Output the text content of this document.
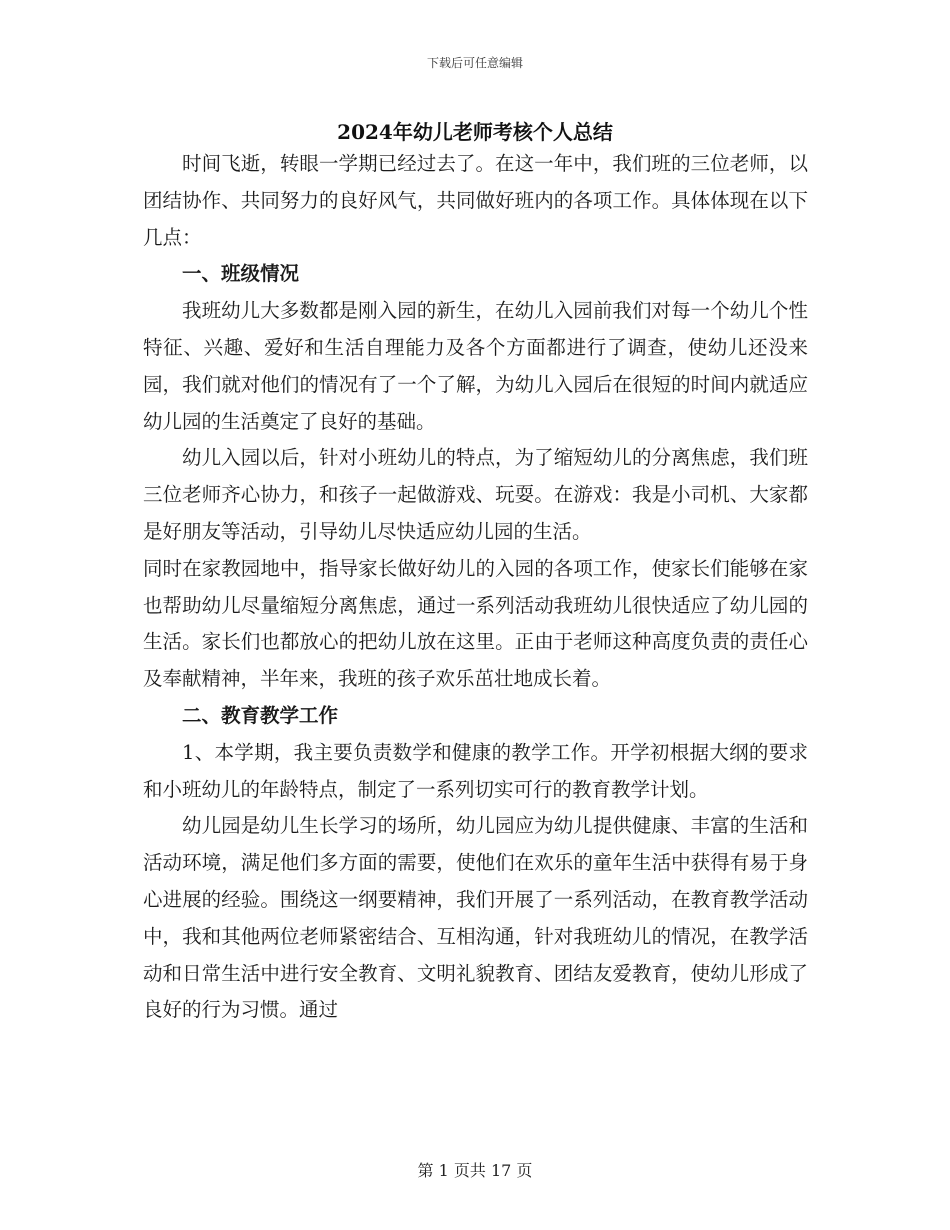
下载后可任意编辑
2024年幼儿老师考核个人总结

时间飞逝，转眼一学期已经过去了。在这一年中，我们班的三位老师，以团结协作、共同努力的良好风气，共同做好班内的各项工作。具体体现在以下几点：

一、班级情况

我班幼儿大多数都是刚入园的新生，在幼儿入园前我们对每一个幼儿个性特征、兴趣、爱好和生活自理能力及各个方面都进行了调查，使幼儿还没来园，我们就对他们的情况有了一个了解，为幼儿入园后在很短的时间内就适应幼儿园的生活奠定了良好的基础。

幼儿入园以后，针对小班幼儿的特点，为了缩短幼儿的分离焦虑，我们班三位老师齐心协力，和孩子一起做游戏、玩耍。在游戏：我是小司机、大家都是好朋友等活动，引导幼儿尽快适应幼儿园的生活。

同时在家教园地中，指导家长做好幼儿的入园的各项工作，使家长们能够在家也帮助幼儿尽量缩短分离焦虑，通过一系列活动我班幼儿很快适应了幼儿园的生活。家长们也都放心的把幼儿放在这里。正由于老师这种高度负责的责任心及奉献精神，半年来，我班的孩子欢乐茁壮地成长着。

二、教育教学工作

1、本学期，我主要负责数学和健康的教学工作。开学初根据大纲的要求和小班幼儿的年龄特点，制定了一系列切实可行的教育教学计划。

幼儿园是幼儿生长学习的场所，幼儿园应为幼儿提供健康、丰富的生活和活动环境，满足他们多方面的需要，使他们在欢乐的童年生活中获得有易于身心进展的经验。围绕这一纲要精神，我们开展了一系列活动，在教育教学活动中，我和其他两位老师紧密结合、互相沟通，针对我班幼儿的情况，在教学活动和日常生活中进行安全教育、文明礼貌教育、团结友爱教育，使幼儿形成了良好的行为习惯。通过

第 1 页共 17 页
